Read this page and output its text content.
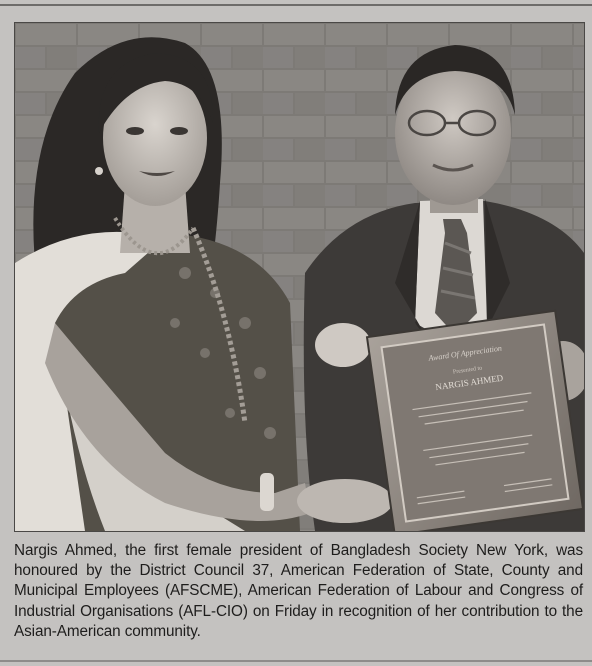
Award Of Appreciation
Presented to
NARGIS AHMED

Nargis Ahmed, the first female president of Bangladesh Society New York, was honoured by the District Council 37, American Federation of State, County and Municipal Employees (AFSCME), American Federation of Labour and Congress of Industrial Organisations (AFL-CIO) on Friday in recognition of her contribution to the Asian-American community.
